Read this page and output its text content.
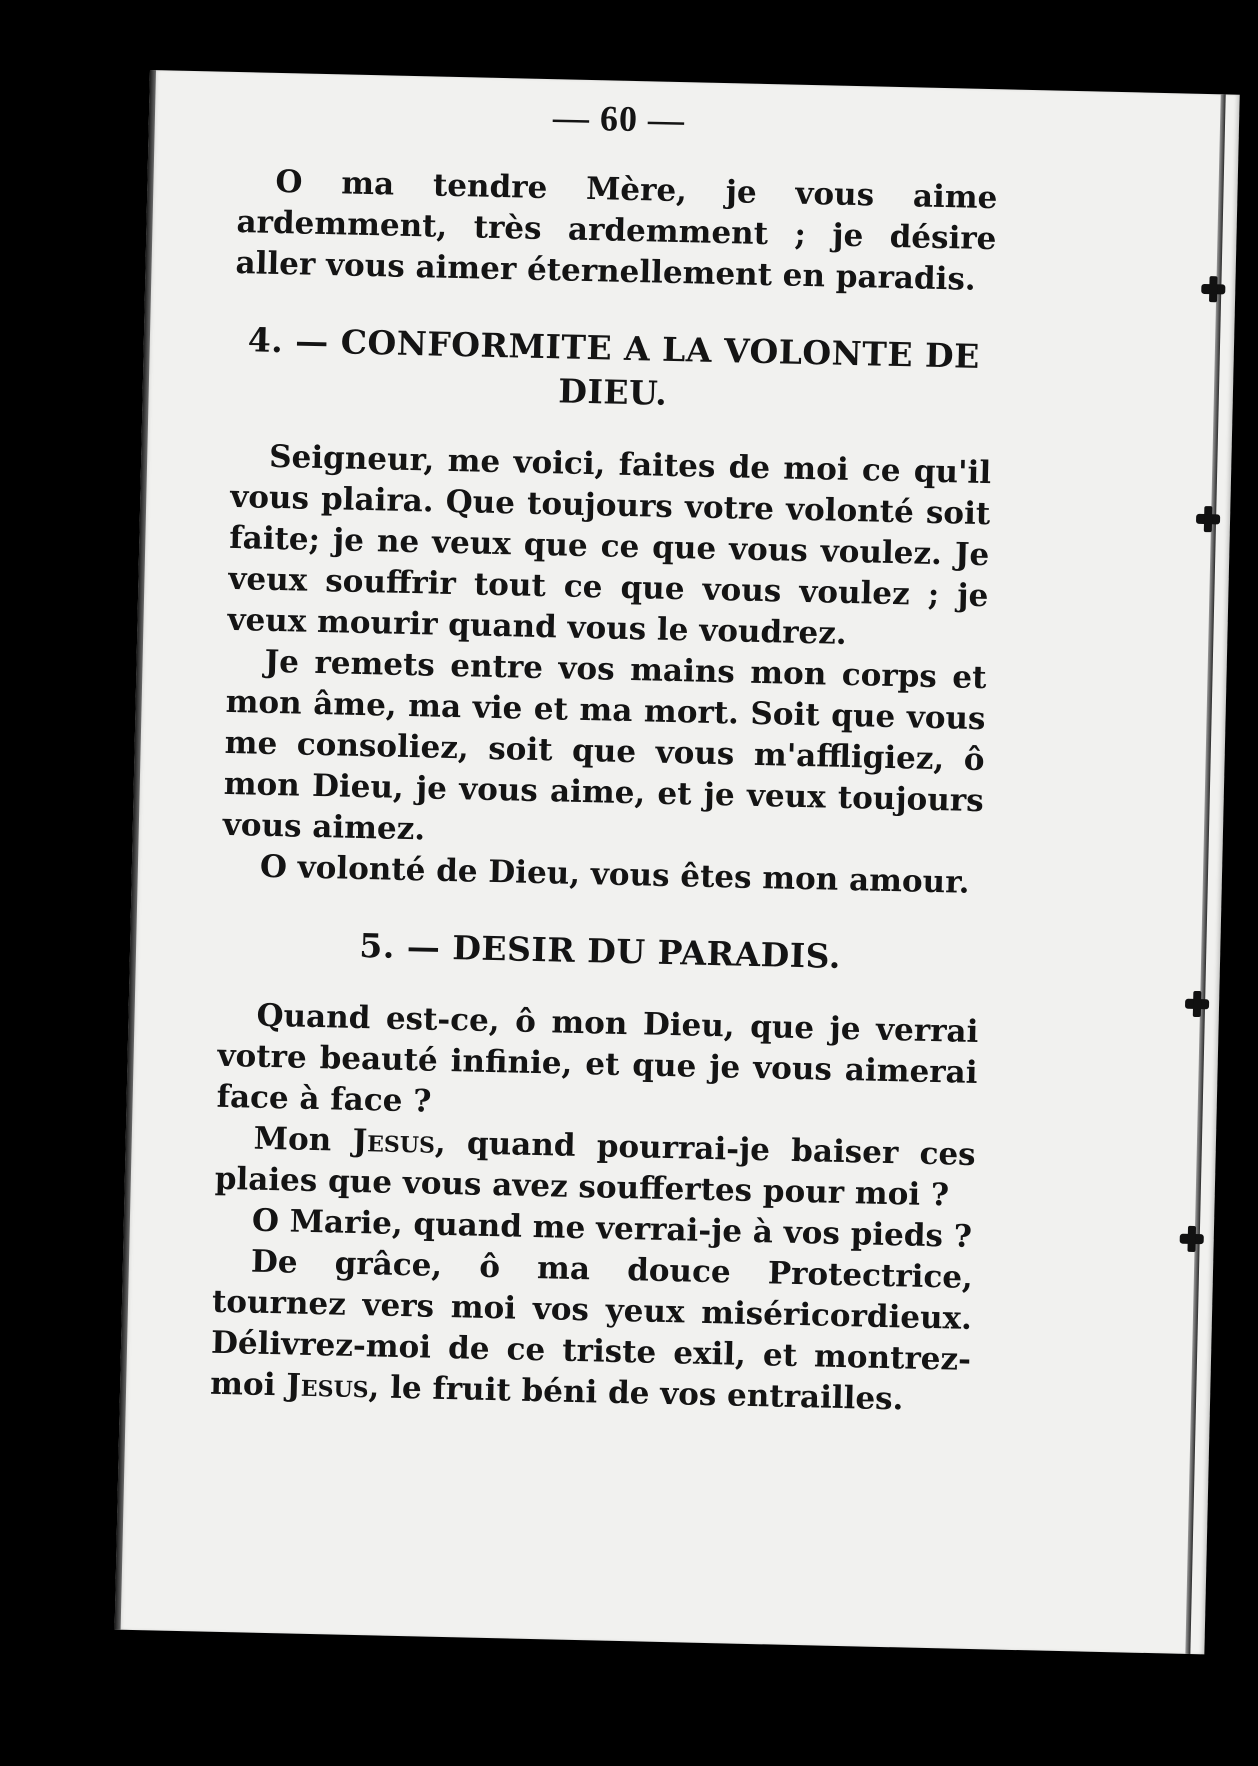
— 60 —

O ma tendre Mère, je vous aime ardemment, très ardemment ; je désire aller vous aimer éternellement en paradis.

4. — CONFORMITE A LA VOLONTE DE DIEU.

Seigneur, me voici, faites de moi ce qu'il vous plaira. Que toujours votre volonté soit faite; je ne veux que ce que vous voulez. Je veux souffrir tout ce que vous voulez ; je veux mourir quand vous le voudrez.

Je remets entre vos mains mon corps et mon âme, ma vie et ma mort. Soit que vous me consoliez, soit que vous m'affligiez, ô mon Dieu, je vous aime, et je veux toujours vous aimez.

O volonté de Dieu, vous êtes mon amour.

5. — DESIR DU PARADIS.

Quand est-ce, ô mon Dieu, que je verrai votre beauté infinie, et que je vous aimerai face à face ?

Mon Jesus, quand pourrai-je baiser ces plaies que vous avez souffertes pour moi ?

O Marie, quand me verrai-je à vos pieds ?

De grâce, ô ma douce Protectrice, tournez vers moi vos yeux miséricordieux. Délivrez-moi de ce triste exil, et montrez-moi Jesus, le fruit béni de vos entrailles.
